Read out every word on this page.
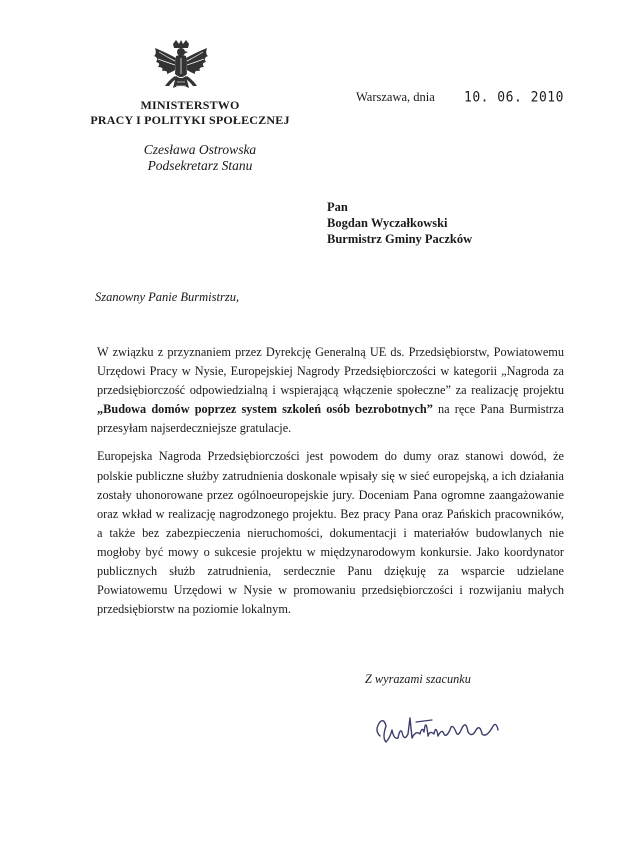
MINISTERSTWO
PRACY I POLITYKI SPOŁECZNEJ
Czesława Ostrowska
Podsekretarz Stanu
Warszawa, dnia 10. 06. 2010
Pan
Bogdan Wyczałkowski
Burmistrz Gminy Paczków
Szanowny Panie Burmistrzu,

W związku z przyznaniem przez Dyrekcję Generalną UE ds. Przedsiębiorstw, Powiatowemu Urzędowi Pracy w Nysie, Europejskiej Nagrody Przedsiębiorczości w kategorii „Nagroda za przedsiębiorczość odpowiedzialną i wspierającą włączenie społeczne” za realizację projektu „Budowa domów poprzez system szkoleń osób bezrobotnych” na ręce Pana Burmistrza przesyłam najserdeczniejsze gratulacje.

Europejska Nagroda Przedsiębiorczości jest powodem do dumy oraz stanowi dowód, że polskie publiczne służby zatrudnienia doskonale wpisały się w sieć europejską, a ich działania zostały uhonorowane przez ogólnoeuropejskie jury. Doceniam Pana ogromne zaangażowanie oraz wkład w realizację nagrodzonego projektu. Bez pracy Pana oraz Pańskich pracowników, a także bez zabezpieczenia nieruchomości, dokumentacji i materiałów budowlanych nie mogłoby być mowy o sukcesie projektu w międzynarodowym konkursie. Jako koordynator publicznych służb zatrudnienia, serdecznie Panu dziękuję za wsparcie udzielane Powiatowemu Urzędowi w Nysie w promowaniu przedsiębiorczości i rozwijaniu małych przedsiębiorstw na poziomie lokalnym.

Z wyrazami szacunku
